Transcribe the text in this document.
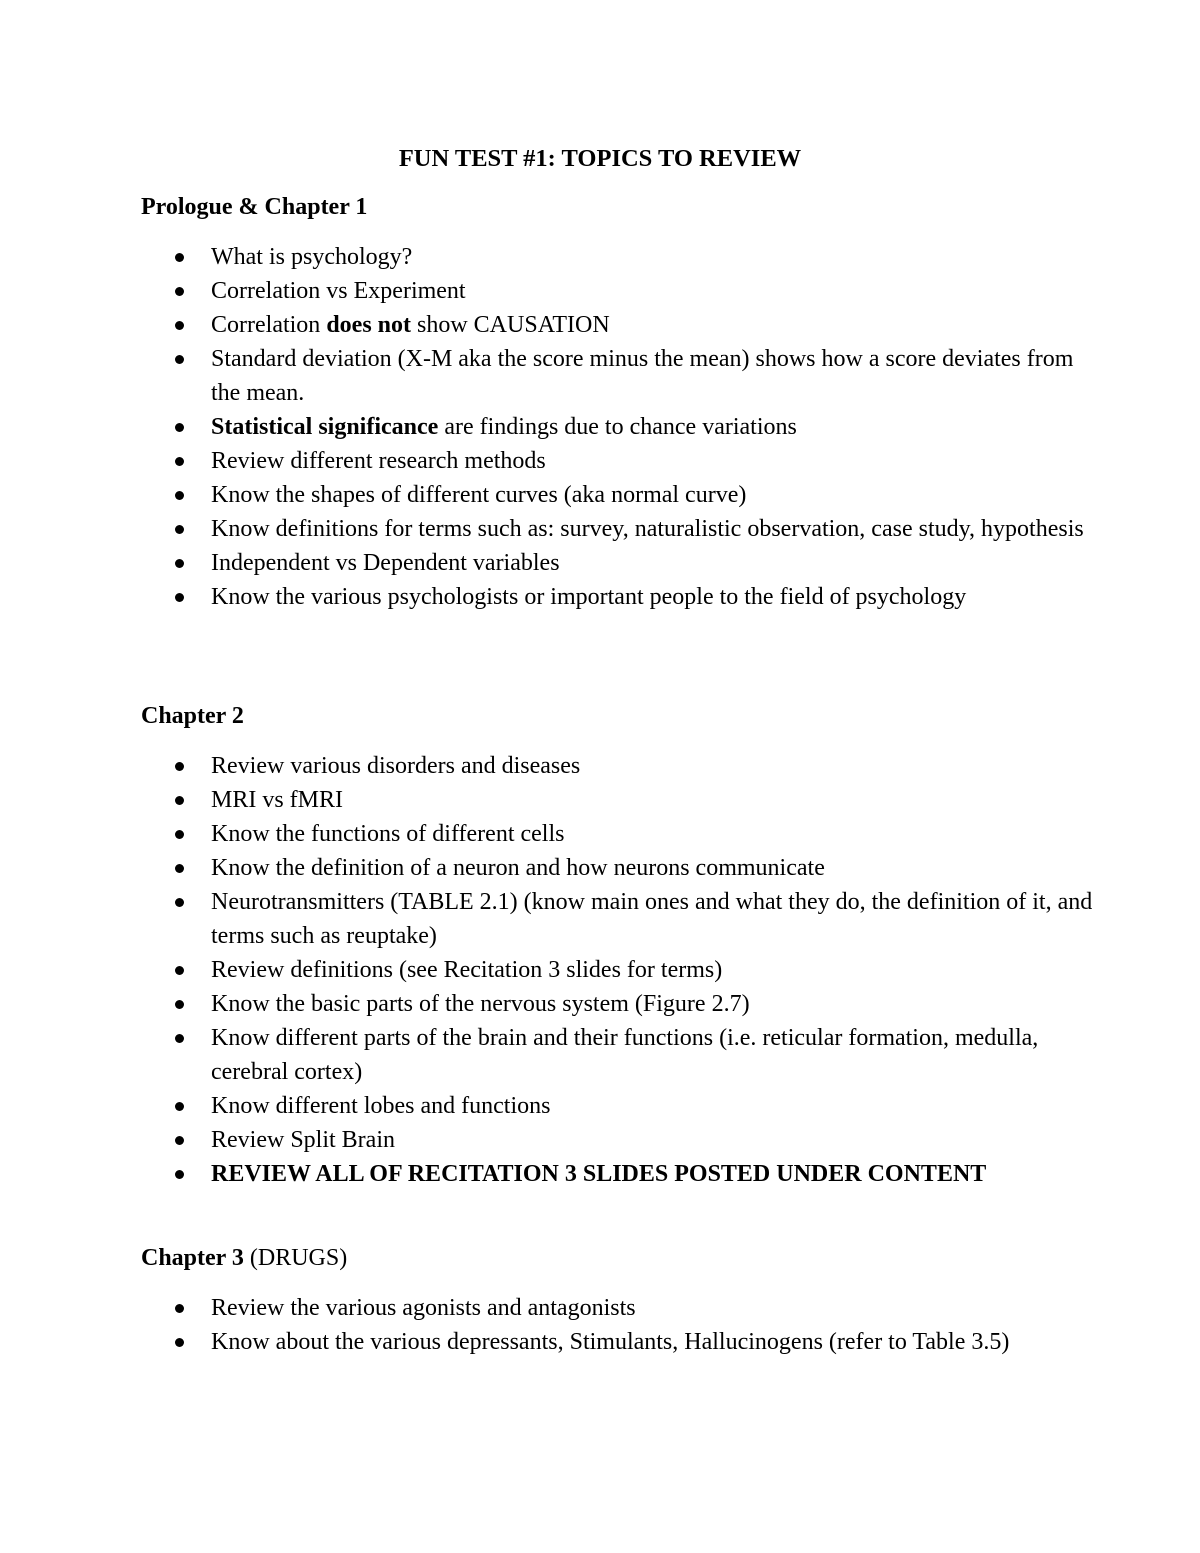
FUN TEST #1: TOPICS TO REVIEW
Prologue & Chapter 1
What is psychology?
Correlation vs Experiment
Correlation does not show CAUSATION
Standard deviation (X-M aka the score minus the mean) shows how a score deviates from the mean.
Statistical significance are findings due to chance variations
Review different research methods
Know the shapes of different curves (aka normal curve)
Know definitions for terms such as: survey, naturalistic observation, case study, hypothesis
Independent vs Dependent variables
Know the various psychologists or important people to the field of psychology
Chapter 2
Review various disorders and diseases
MRI vs fMRI
Know the functions of different cells
Know the definition of a neuron and how neurons communicate
Neurotransmitters (TABLE 2.1) (know main ones and what they do, the definition of it, and terms such as reuptake)
Review definitions (see Recitation 3 slides for terms)
Know the basic parts of the nervous system (Figure 2.7)
Know different parts of the brain and their functions (i.e. reticular formation, medulla, cerebral cortex)
Know different lobes and functions
Review Split Brain
REVIEW ALL OF RECITATION 3 SLIDES POSTED UNDER CONTENT
Chapter 3 (DRUGS)
Review the various agonists and antagonists
Know about the various depressants, Stimulants, Hallucinogens (refer to Table 3.5)
